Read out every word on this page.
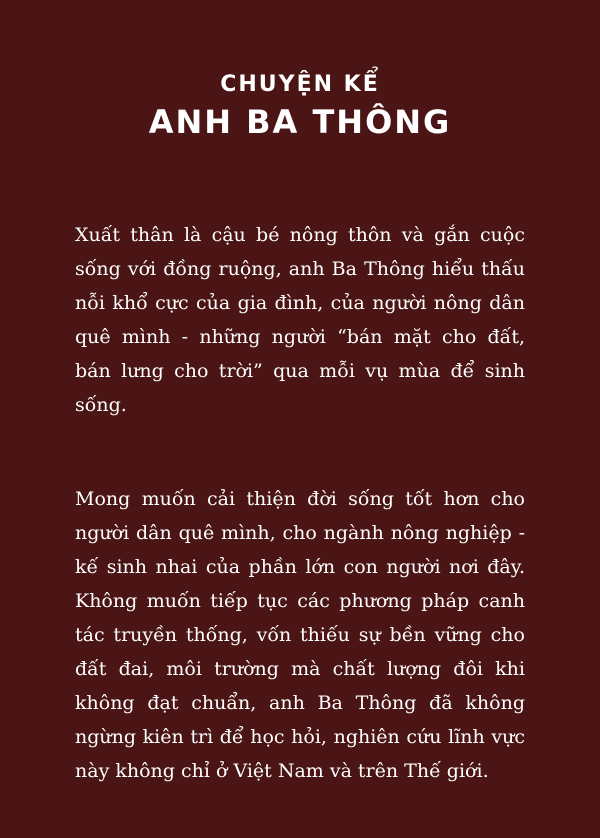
CHUYỆN KỂ
ANH BA THÔNG

Xuất thân là cậu bé nông thôn và gắn cuộc sống với đồng ruộng, anh Ba Thông hiểu thấu nỗi khổ cực của gia đình, của người nông dân quê mình - những người “bán mặt cho đất, bán lưng cho trời” qua mỗi vụ mùa để sinh sống.

Mong muốn cải thiện đời sống tốt hơn cho người dân quê mình, cho ngành nông nghiệp - kế sinh nhai của phần lớn con người nơi đây. Không muốn tiếp tục các phương pháp canh tác truyền thống, vốn thiếu sự bền vững cho đất đai, môi trường mà chất lượng đôi khi không đạt chuẩn, anh Ba Thông đã không ngừng kiên trì để học hỏi, nghiên cứu lĩnh vực này không chỉ ở Việt Nam và trên Thế giới.
